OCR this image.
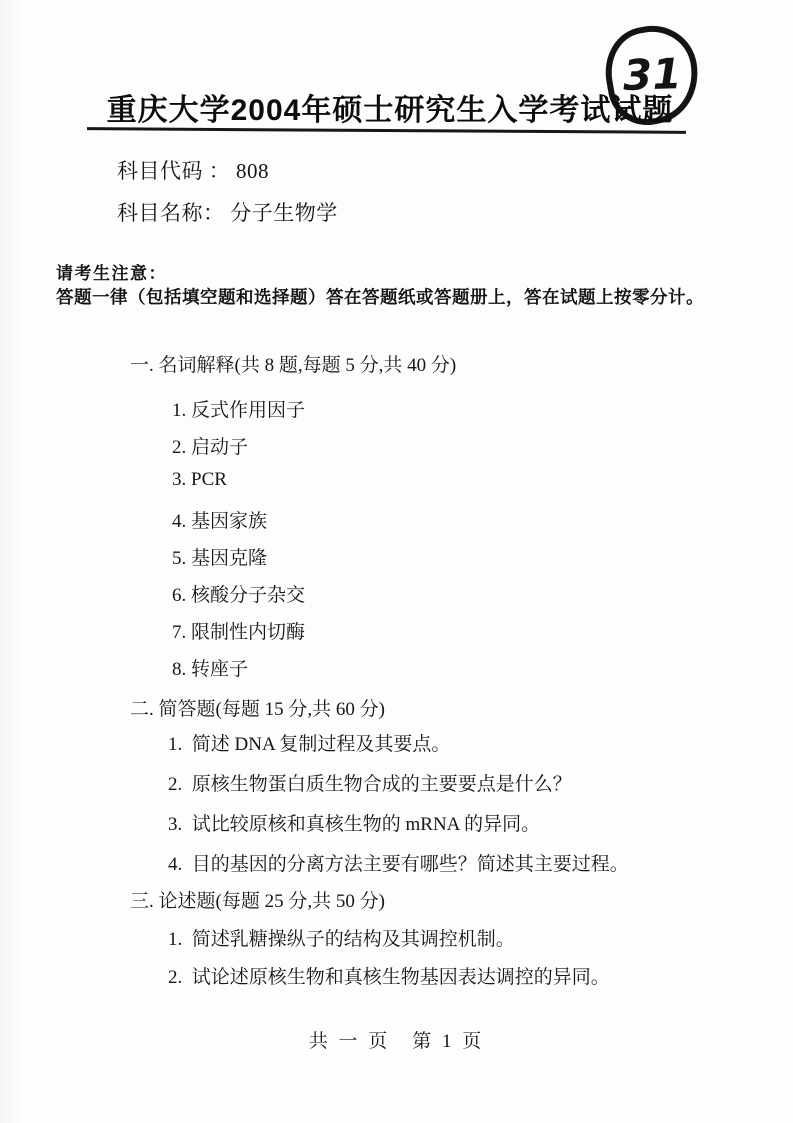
31
重庆大学2004年硕士研究生入学考试试题
科目代码 ： 808
科目名称： 分子生物学
请考生注意：
答题一律（包括填空题和选择题）答在答题纸或答题册上，答在试题上按零分计。
一. 名词解释(共 8 题,每题 5 分,共 40 分)
1. 反式作用因子
2. 启动子
3. PCR
4. 基因家族
5. 基因克隆
6. 核酸分子杂交
7. 限制性内切酶
8. 转座子
二. 简答题(每题 15 分,共 60 分)
1.  简述 DNA 复制过程及其要点。
2.  原核生物蛋白质生物合成的主要要点是什么？
3.  试比较原核和真核生物的 mRNA 的异同。
4.  目的基因的分离方法主要有哪些？简述其主要过程。
三. 论述题(每题 25 分,共 50 分)
1.  简述乳糖操纵子的结构及其调控机制。
2.  试论述原核生物和真核生物基因表达调控的异同。
共 一 页　第 1 页
